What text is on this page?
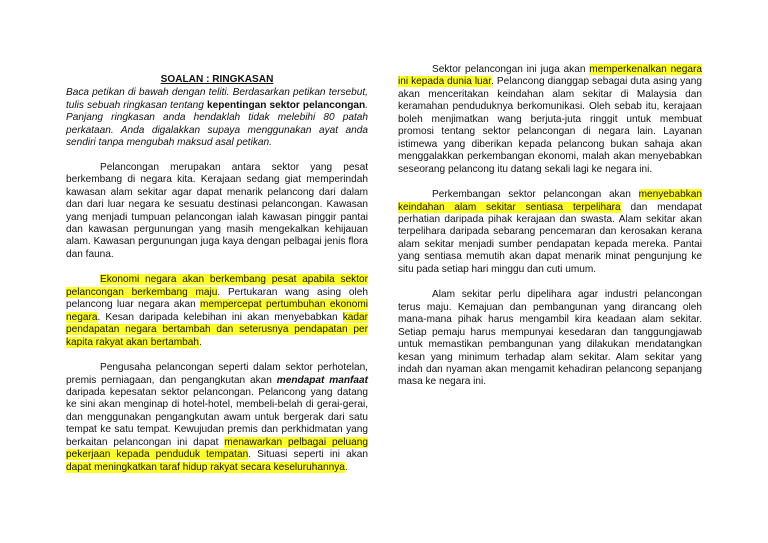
SOALAN : RINGKASAN

Baca petikan di bawah dengan teliti. Berdasarkan petikan tersebut, tulis sebuah ringkasan tentang kepentingan sektor pelancongan. Panjang ringkasan anda hendaklah tidak melebihi 80 patah perkataan. Anda digalakkan supaya menggunakan ayat anda sendiri tanpa mengubah maksud asal petikan.

Pelancongan merupakan antara sektor yang pesat berkembang di negara kita. Kerajaan sedang giat memperindah kawasan alam sekitar agar dapat menarik pelancong dari dalam dan dari luar negara ke sesuatu destinasi pelancongan. Kawasan yang menjadi tumpuan pelancongan ialah kawasan pinggir pantai dan kawasan pergunungan yang masih mengekalkan kehijauan alam. Kawasan pergunungan juga kaya dengan pelbagai jenis flora dan fauna.

Ekonomi negara akan berkembang pesat apabila sektor pelancongan berkembang maju. Pertukaran wang asing oleh pelancong luar negara akan mempercepat pertumbuhan ekonomi negara. Kesan daripada kelebihan ini akan menyebabkan kadar pendapatan negara bertambah dan seterusnya pendapatan per kapita rakyat akan bertambah.

Pengusaha pelancongan seperti dalam sektor perhotelan, premis perniagaan, dan pengangkutan akan mendapat manfaat daripada kepesatan sektor pelancongan. Pelancong yang datang ke sini akan menginap di hotel-hotel, membeli-belah di gerai-gerai, dan menggunakan pengangkutan awam untuk bergerak dari satu tempat ke satu tempat. Kewujudan premis dan perkhidmatan yang berkaitan pelancongan ini dapat menawarkan pelbagai peluang pekerjaan kepada penduduk tempatan. Situasi seperti ini akan dapat meningkatkan taraf hidup rakyat secara keseluruhannya.

Sektor pelancongan ini juga akan memperkenalkan negara ini kepada dunia luar. Pelancong dianggap sebagai duta asing yang akan menceritakan keindahan alam sekitar di Malaysia dan keramahan penduduknya berkomunikasi. Oleh sebab itu, kerajaan boleh menjimatkan wang berjuta-juta ringgit untuk membuat promosi tentang sektor pelancongan di negara lain. Layanan istimewa yang diberikan kepada pelancong bukan sahaja akan menggalakkan perkembangan ekonomi, malah akan menyebabkan seseorang pelancong itu datang sekali lagi ke negara ini.

Perkembangan sektor pelancongan akan menyebabkan keindahan alam sekitar sentiasa terpelihara dan mendapat perhatian daripada pihak kerajaan dan swasta. Alam sekitar akan terpelihara daripada sebarang pencemaran dan kerosakan kerana alam sekitar menjadi sumber pendapatan kepada mereka. Pantai yang sentiasa memutih akan dapat menarik minat pengunjung ke situ pada setiap hari minggu dan cuti umum.

Alam sekitar perlu dipelihara agar industri pelancongan terus maju. Kemajuan dan pembangunan yang dirancang oleh mana-mana pihak harus mengambil kira keadaan alam sekitar. Setiap pemaju harus mempunyai kesedaran dan tanggungjawab untuk memastikan pembangunan yang dilakukan mendatangkan kesan yang minimum terhadap alam sekitar. Alam sekitar yang indah dan nyaman akan mengamit kehadiran pelancong sepanjang masa ke negara ini.
